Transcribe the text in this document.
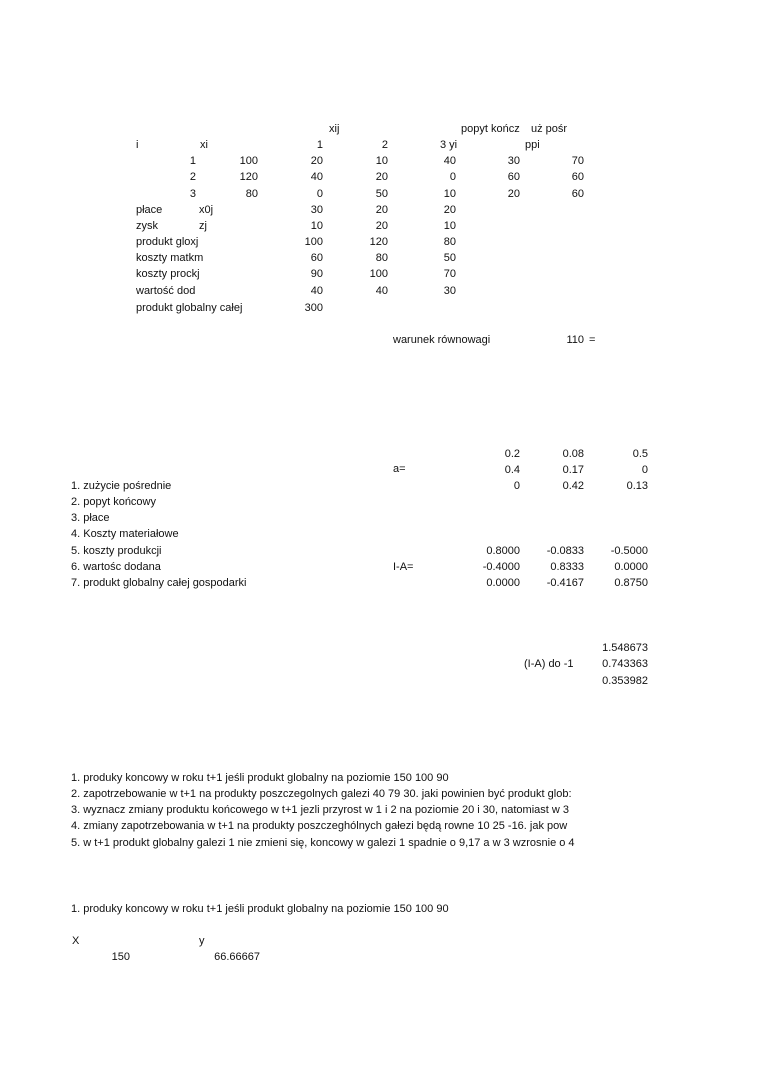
xij	popyt kończ uż pośr
i	xi	1	2	3 yi	ppi
1	100	20	10	40	30	70
2	120	40	20	0	60	60
3	80	0	50	10	20	60
płace	x0j	30	20	20
zysk	zj	10	20	10
produkt gloxj	100	120	80
koszty matkm	60	80	50
koszty prockj	90	100	70
wartość dod	40	40	30
produkt globalny całej	300
warunek równowagi	110 =
a=
0.2	0.08	0.5
0.4	0.17	0
0	0.42	0.13
1. zużycie pośrednie
2. popyt końcowy
3. płace
4. Koszty materiałowe
5. koszty produkcji
6. wartośc dodana
7. produkt globalny całej gospodarki
I-A=
0.8000	-0.0833	-0.5000
-0.4000	0.8333	0.0000
0.0000	-0.4167	0.8750
1.548673
0.743363
0.353982
(I-A) do -1
1. produky koncowy w roku t+1 jeśli produkt globalny na poziomie 150 100 90
2. zapotrzebowanie w t+1 na produkty poszczegolnych galezi 40 79 30. jaki powinien być produkt glob:
3. wyznacz zmiany produktu końcowego w t+1 jezli przyrost w 1 i 2 na poziomie 20 i 30, natomiast w 3
4. zmiany zapotrzebowania w t+1 na produkty poszczeghólnych gałezi będą rowne 10 25 -16. jak pow
5. w t+1 produkt globalny galezi 1 nie zmieni się, koncowy w galezi 1 spadnie o 9,17 a w 3 wzrosnie o 4
1. produky koncowy w roku t+1 jeśli produkt globalny na poziomie 150 100 90
X	y
150	66.66667
